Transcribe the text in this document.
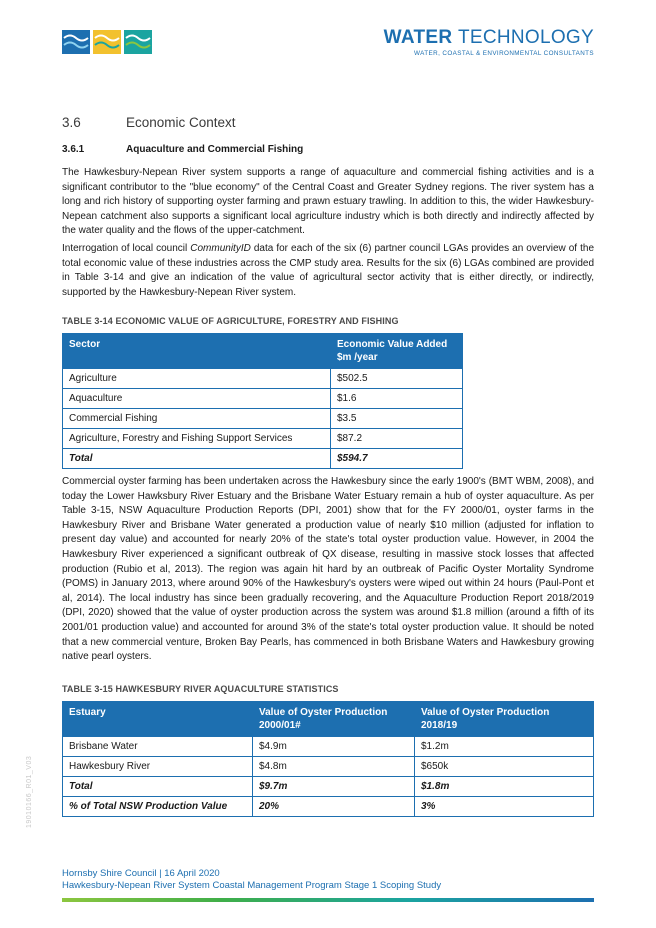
WATER TECHNOLOGY
WATER, COASTAL & ENVIRONMENTAL CONSULTANTS
3.6	Economic Context
3.6.1	Aquaculture and Commercial Fishing

The Hawkesbury-Nepean River system supports a range of aquaculture and commercial fishing activities and is a significant contributor to the "blue economy" of the Central Coast and Greater Sydney regions. The river system has a long and rich history of supporting oyster farming and prawn estuary trawling. In addition to this, the wider Hawkesbury-Nepean catchment also supports a significant local agriculture industry which is both directly and indirectly affected by the water quality and the flows of the upper-catchment.

Interrogation of local council CommunityID data for each of the six (6) partner council LGAs provides an overview of the total economic value of these industries across the CMP study area. Results for the six (6) LGAs combined are provided in Table 3-14 and give an indication of the value of agricultural sector activity that is either directly, or indirectly, supported by the Hawkesbury-Nepean River system.

TABLE 3-14 ECONOMIC VALUE OF AGRICULTURE, FORESTRY AND FISHING
Sector	Economic Value Added $m /year
Agriculture	$502.5
Aquaculture	$1.6
Commercial Fishing	$3.5
Agriculture, Forestry and Fishing Support Services	$87.2
Total	$594.7

Commercial oyster farming has been undertaken across the Hawkesbury since the early 1900's (BMT WBM, 2008), and today the Lower Hawksbury River Estuary and the Brisbane Water Estuary remain a hub of oyster aquaculture. As per Table 3-15, NSW Aquaculture Production Reports (DPI, 2001) show that for the FY 2000/01, oyster farms in the Hawkesbury River and Brisbane Water generated a production value of nearly $10 million (adjusted for inflation to present day value) and accounted for nearly 20% of the state's total oyster production value. However, in 2004 the Hawkesbury River experienced a significant outbreak of QX disease, resulting in massive stock losses that affected production (Rubio et al, 2013). The region was again hit hard by an outbreak of Pacific Oyster Mortality Syndrome (POMS) in January 2013, where around 90% of the Hawkesbury's oysters were wiped out within 24 hours (Paul-Pont et al, 2014). The local industry has since been gradually recovering, and the Aquaculture Production Report 2018/2019 (DPI, 2020) showed that the value of oyster production across the system was around $1.8 million (around a fifth of its 2001/01 production value) and accounted for around 3% of the state's total oyster production value. It should be noted that a new commercial venture, Broken Bay Pearls, has commenced in both Brisbane Waters and Hawkesbury growing native pearl oysters.

TABLE 3-15 HAWKESBURY RIVER AQUACULTURE STATISTICS
Estuary	Value of Oyster Production 2000/01#	Value of Oyster Production 2018/19
Brisbane Water	$4.9m	$1.2m
Hawkesbury River	$4.8m	$650k
Total	$9.7m	$1.8m
% of Total NSW Production Value	20%	3%
19010166_R01_V03
Hornsby Shire Council | 16 April 2020
Hawkesbury-Nepean River System Coastal Management Program Stage 1 Scoping Study
